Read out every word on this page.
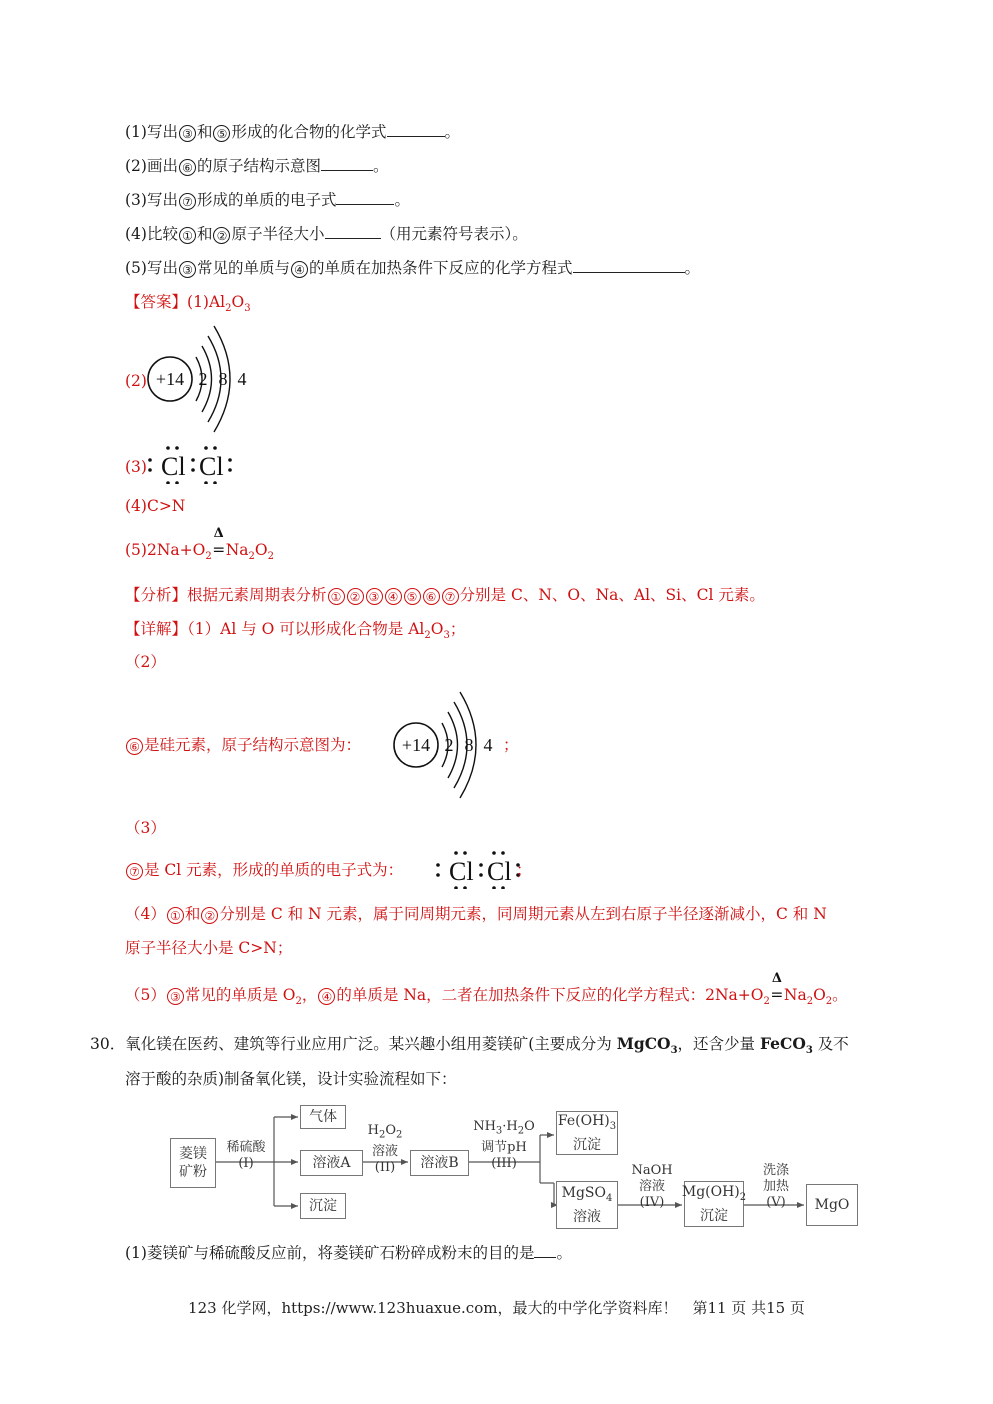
(1)写出 ③ 和 ⑤ 形成的化合物的化学式	。
(2)画出 ⑥ 的原子结构示意图	。
(3)写出 ⑦ 形成的单质的电子式	。
(4)比较 ① 和 ② 原子半径大小	（用元素符号表示）。
(5)写出 ③ 常见的单质与 ④ 的单质在加热条件下反应的化学方程式	。
【答案】$(1)Al_2O_3$
(2) +14 2 8 4
(3) Cl Cl
(4)C>N
$(5)2Na+O_2$
Δ
$=Na_2O_2$
【分析】根据元素周期表分析 ① ② ③ ④ ⑤ ⑥ ⑦ 分别是 C、N、O、Na、Al、Si、Cl 元素。
【详解】（1）Al 与 O 可以形成化合物是 $Al_2O_3$；
（2）
⑥ 是硅元素，原子结构示意图为： +14 2 8 4 ；
（3）
⑦ 是 Cl 元素，形成的单质的电子式为： Cl Cl ；
（4） ① 和 ② 分别是 C 和 N 元素，属于同周期元素，同周期元素从左到右原子半径逐渐减小，C 和 N
原子半径大小是 C>N；
（5） ③ 常见的单质是 $O_2$， ④ 的单质是 Na，二者在加热条件下反应的化学方程式：$2Na+O_2$
Δ
$=Na_2O_2$。
30．氧化镁在医药、建筑等行业应用广泛。某兴趣小组用菱镁矿(主要成分为 MgCO$_3$，还含少量 FeCO$_3$ 及不
溶于酸的杂质)制备氧化镁，设计实验流程如下：
菱镁
矿粉
稀硫酸
(I)
气体
溶液A
沉淀
$H_2O_2$
溶液
(II)	溶液B
$NH_3\cdot H_2O$
调节pH
(III)
$Fe(OH)_3$
沉淀
MgSO$_4$
溶液
NaOH
溶液
(IV)
$Mg(OH)_2$
沉淀
洗涤
加热
(V)	MgO
(1)菱镁矿与稀硫酸反应前，将菱镁矿石粉碎成粉末的目的是 。
123 化学网，https://www.123huaxue.com，最大的中学化学资料库！　第11 页 共15 页
